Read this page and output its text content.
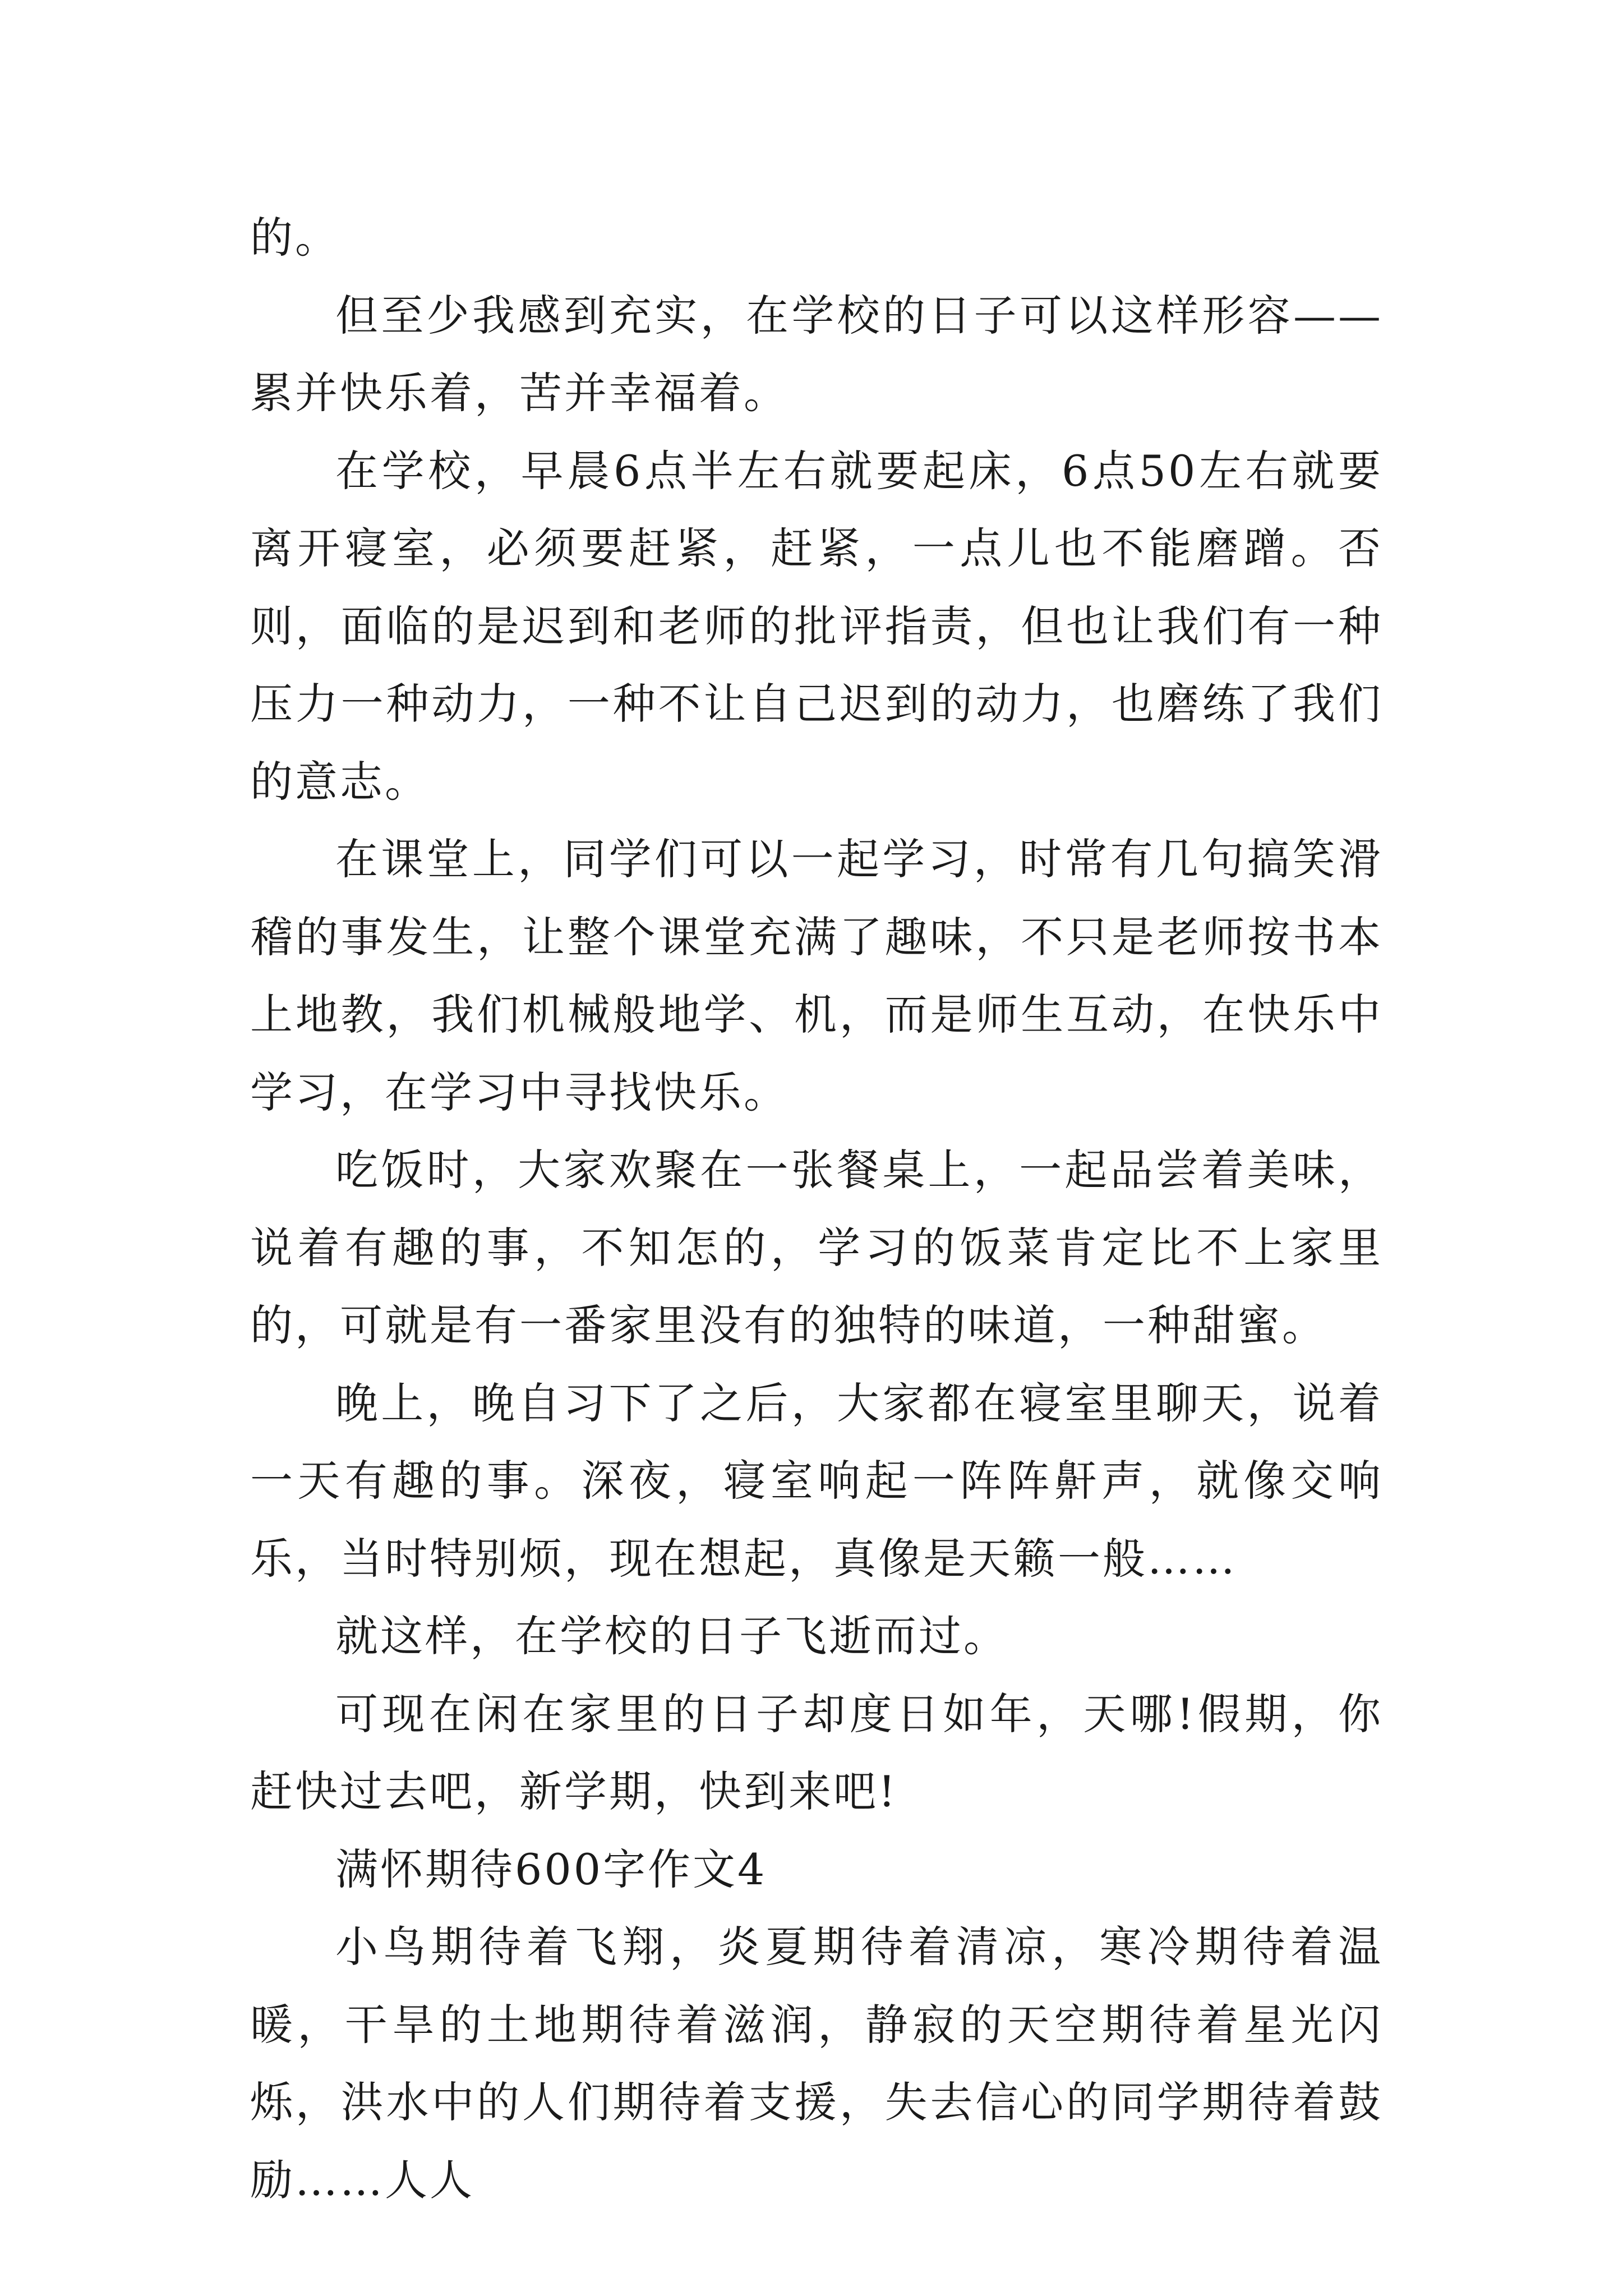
的。

但至少我感到充实，在学校的日子可以这样形容——累并快乐着，苦并幸福着。

在学校，早晨6点半左右就要起床，6点50左右就要离开寝室，必须要赶紧，赶紧，一点儿也不能磨蹭。否则，面临的是迟到和老师的批评指责，但也让我们有一种压力一种动力，一种不让自己迟到的动力，也磨练了我们的意志。

在课堂上，同学们可以一起学习，时常有几句搞笑滑稽的事发生，让整个课堂充满了趣味，不只是老师按书本上地教，我们机械般地学、机，而是师生互动，在快乐中学习，在学习中寻找快乐。

吃饭时，大家欢聚在一张餐桌上，一起品尝着美味，说着有趣的事，不知怎的，学习的饭菜肯定比不上家里的，可就是有一番家里没有的独特的味道，一种甜蜜。

晚上，晚自习下了之后，大家都在寝室里聊天，说着一天有趣的事。深夜，寝室响起一阵阵鼾声，就像交响乐，当时特别烦，现在想起，真像是天籁一般……

就这样，在学校的日子飞逝而过。

可现在闲在家里的日子却度日如年，天哪!假期，你赶快过去吧，新学期，快到来吧!

满怀期待600字作文4

小鸟期待着飞翔，炎夏期待着清凉，寒冷期待着温暖，干旱的土地期待着滋润，静寂的天空期待着星光闪烁，洪水中的人们期待着支援，失去信心的同学期待着鼓励……人人
